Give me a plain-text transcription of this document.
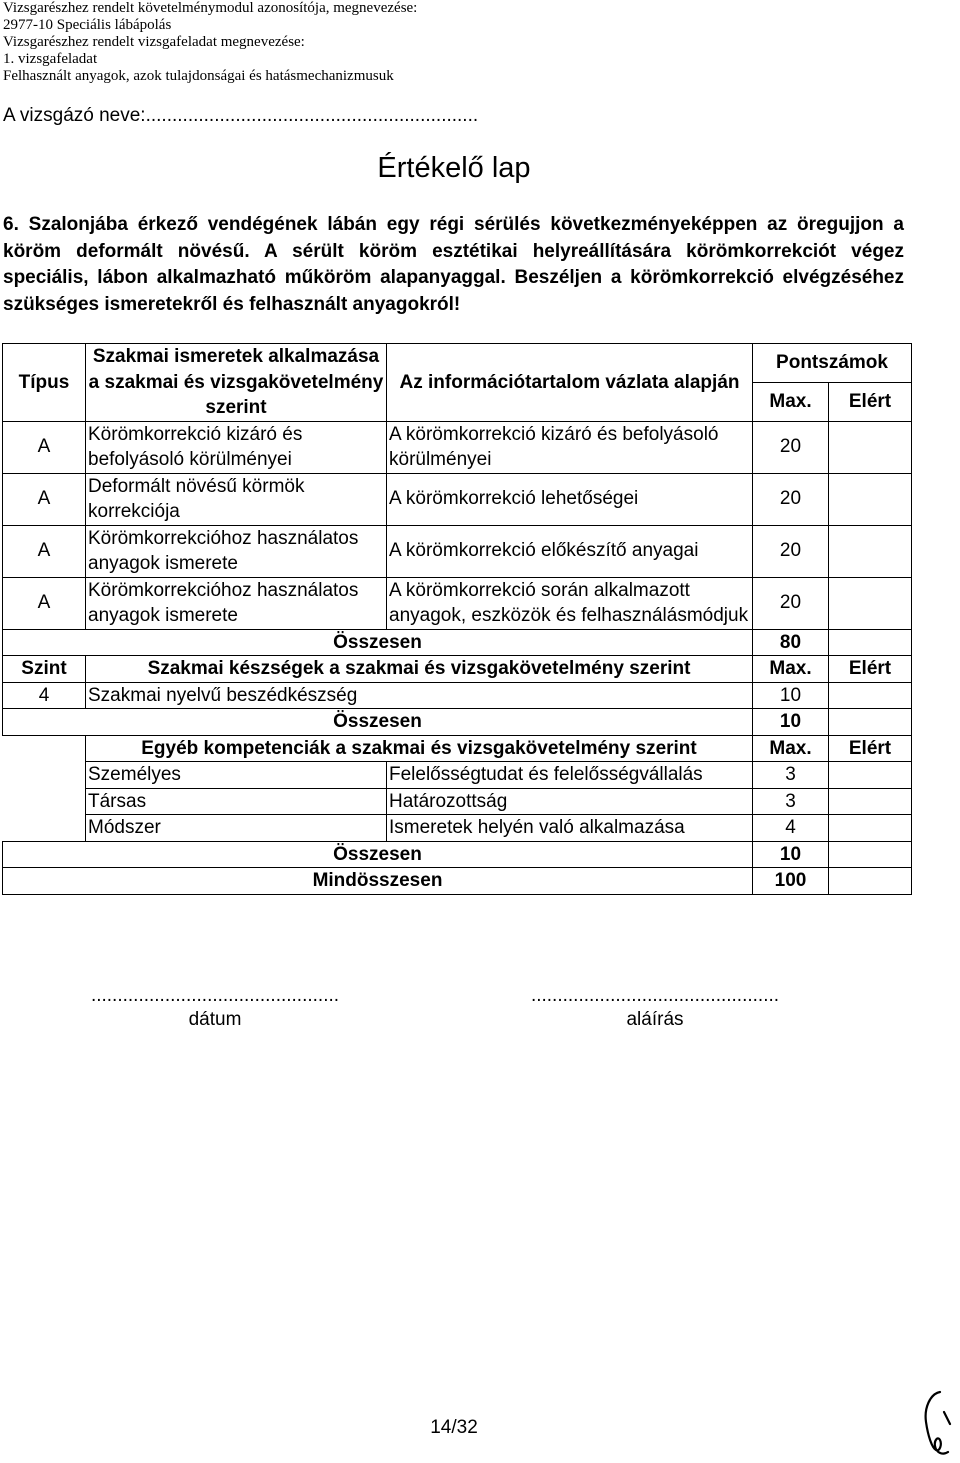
Vizsgarészhez rendelt követelménymodul azonosítója, megnevezése:
2977-10 Speciális lábápolás
Vizsgarészhez rendelt vizsgafeladat megnevezése:
1. vizsgafeladat
Felhasznált anyagok, azok tulajdonságai és hatásmechanizmusuk
A vizsgázó neve:...............................................................
Értékelő lap
6. Szalonjába érkező vendégének lábán egy régi sérülés következményeképpen az öregujjon a köröm deformált növésű. A sérült köröm esztétikai helyreállítására körömkorrekciót végez speciális, lábon alkalmazható műköröm alapanyaggal. Beszéljen a körömkorrekció elvégzéséhez szükséges ismeretekről és felhasznált anyagokról!
Típus	Szakmai ismeretek alkalmazása a szakmai és vizsgakövetelmény szerint	Az információtartalom vázlata alapján	Pontszámok	
			Max.	Elért
A	Körömkorrekció kizáró és befolyásoló körülményei	A körömkorrekció kizáró és befolyásoló körülményei	20	
A	Deformált növésű körmök korrekciója	A körömkorrekció lehetőségei	20	
A	Körömkorrekcióhoz használatos anyagok ismerete	A körömkorrekció előkészítő anyagai	20	
A	Körömkorrekcióhoz használatos anyagok ismerete	A körömkorrekció során alkalmazott anyagok, eszközök és felhasználásmódjuk	20	
Összesen			80	
Szint	Szakmai készségek a szakmai és vizsgakövetelmény szerint		Max.	Elért
4	Szakmai nyelvű beszédkészség		10	
Összesen			10	
	Egyéb kompetenciák a szakmai és vizsgakövetelmény szerint		Max.	Elért
	Személyes	Felelősségtudat és felelősségvállalás	3	
	Társas	Határozottság	3	
	Módszer	Ismeretek helyén való alkalmazása	4	
Összesen			10	
Mindösszesen			100	
...............................................
dátum
...............................................
aláírás
14/32
